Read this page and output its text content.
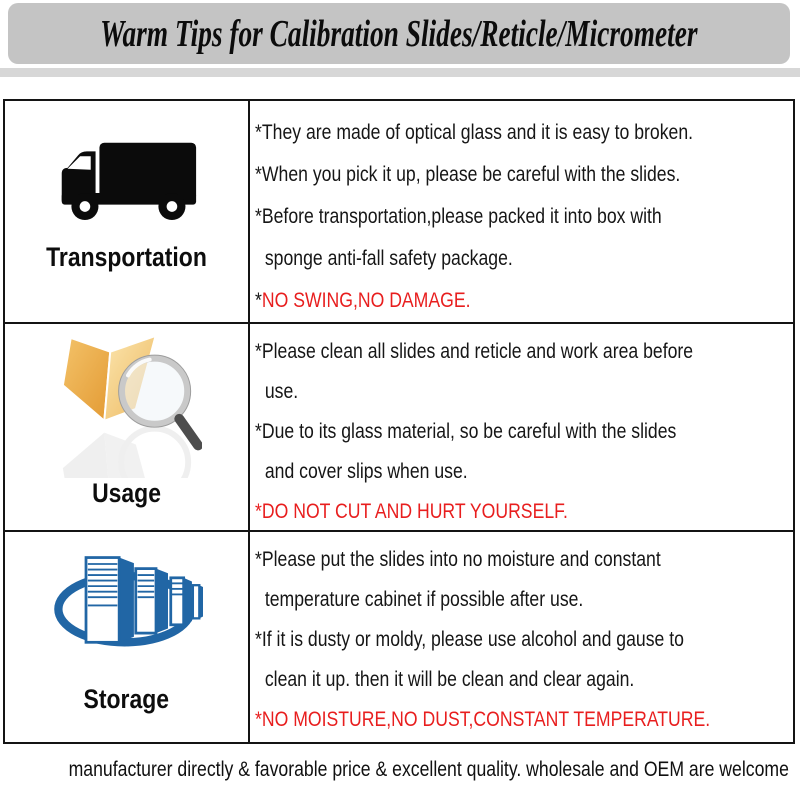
Warm Tips for Calibration Slides/Reticle/Micrometer
Transportation
*They are made of optical glass and it is easy to broken.
*When you pick it up, please be careful with the slides.
*Before transportation,please packed it into box with
sponge anti-fall safety package.
*NO SWING,NO DAMAGE.
Usage
*Please clean all slides and reticle and work area before
use.
*Due to its glass material, so be careful with the slides
and cover slips when use.
*DO NOT CUT AND HURT YOURSELF.
Storage
*Please put the slides into no moisture and constant
temperature cabinet if possible after use.
*If it is dusty or moldy, please use alcohol and gause to
clean it up. then it will be clean and clear again.
*NO MOISTURE,NO DUST,CONSTANT TEMPERATURE.
manufacturer directly & favorable price & excellent quality. wholesale and OEM are welcome
